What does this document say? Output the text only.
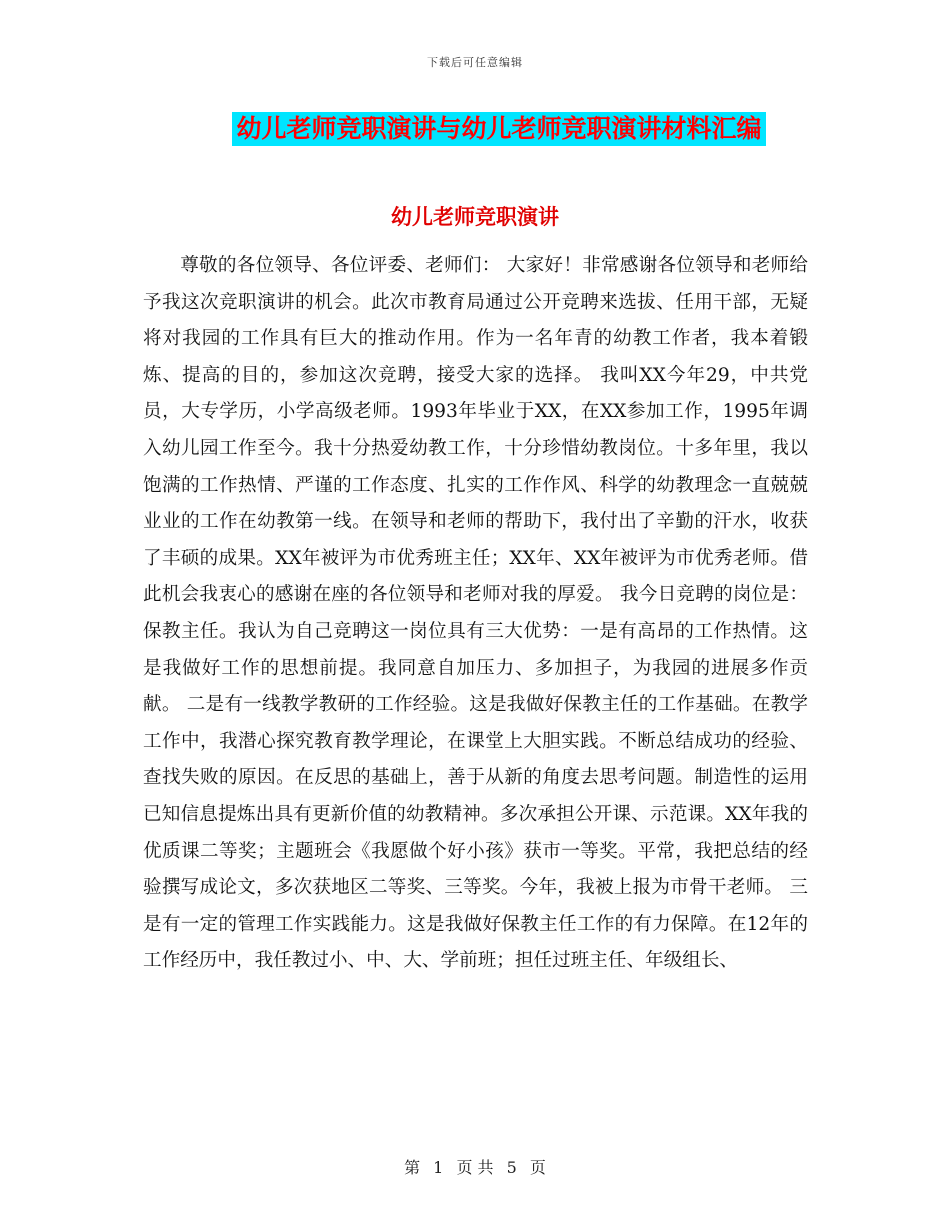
下载后可任意编辑
幼儿老师竞职演讲与幼儿老师竞职演讲材料汇编
幼儿老师竞职演讲

尊敬的各位领导、各位评委、老师们： 大家好！非常感谢各位领导和老师给予我这次竞职演讲的机会。此次市教育局通过公开竞聘来选拔、任用干部，无疑将对我园的工作具有巨大的推动作用。作为一名年青的幼教工作者，我本着锻炼、提高的目的，参加这次竞聘，接受大家的选择。 我叫XX今年29，中共党员，大专学历，小学高级老师。1993年毕业于XX，在XX参加工作，1995年调入幼儿园工作至今。我十分热爱幼教工作，十分珍惜幼教岗位。十多年里，我以饱满的工作热情、严谨的工作态度、扎实的工作作风、科学的幼教理念一直兢兢业业的工作在幼教第一线。在领导和老师的帮助下，我付出了辛勤的汗水，收获了丰硕的成果。XX年被评为市优秀班主任；XX年、XX年被评为市优秀老师。借此机会我衷心的感谢在座的各位领导和老师对我的厚爱。 我今日竞聘的岗位是：保教主任。我认为自己竞聘这一岗位具有三大优势：一是有高昂的工作热情。这是我做好工作的思想前提。我同意自加压力、多加担子，为我园的进展多作贡献。 二是有一线教学教研的工作经验。这是我做好保教主任的工作基础。在教学工作中，我潜心探究教育教学理论，在课堂上大胆实践。不断总结成功的经验、查找失败的原因。在反思的基础上，善于从新的角度去思考问题。制造性的运用已知信息提炼出具有更新价值的幼教精神。多次承担公开课、示范课。XX年我的优质课二等奖；主题班会《我愿做个好小孩》获市一等奖。平常，我把总结的经验撰写成论文，多次获地区二等奖、三等奖。今年，我被上报为市骨干老师。 三是有一定的管理工作实践能力。这是我做好保教主任工作的有力保障。在12年的工作经历中，我任教过小、中、大、学前班；担任过班主任、年级组长、

第 1 页 共 5 页
